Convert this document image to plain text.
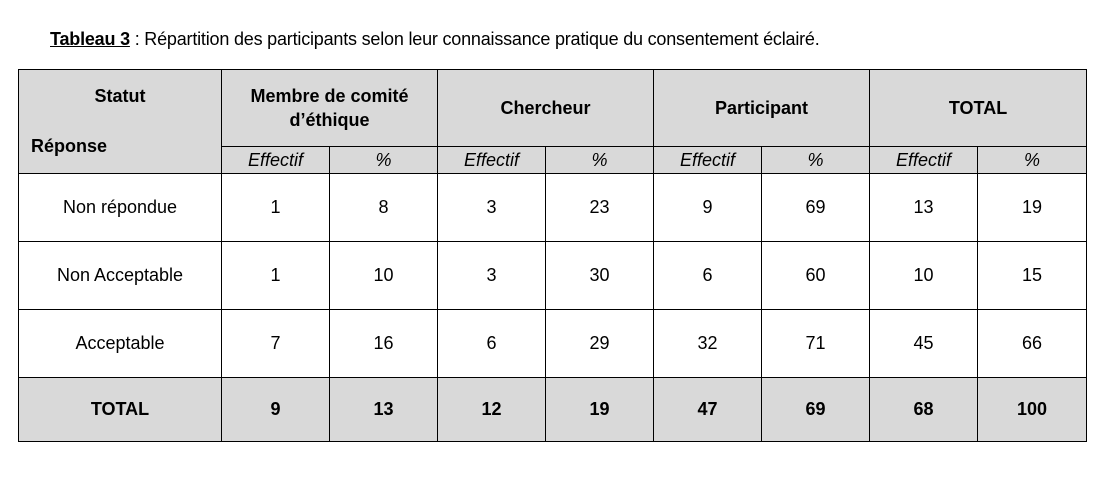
Tableau 3 : Répartition des participants selon leur connaissance pratique du consentement éclairé.
Statut
Réponse	Membre de comité d’éthique		Chercheur		Participant		TOTAL	
	Effectif	%	Effectif	%	Effectif	%	Effectif	%
Non répondue	1	8	3	23	9	69	13	19
Non Acceptable	1	10	3	30	6	60	10	15
Acceptable	7	16	6	29	32	71	45	66
TOTAL	9	13	12	19	47	69	68	100
